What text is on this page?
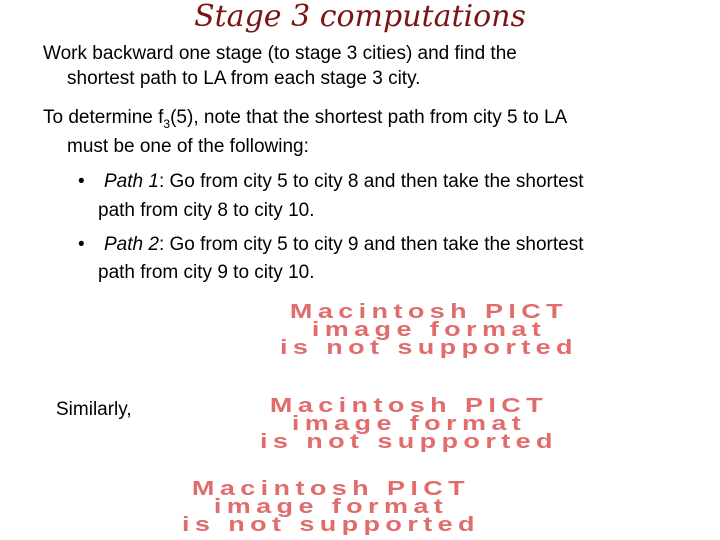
Stage 3 computations
Work backward one stage (to stage 3 cities) and find the
shortest path to LA from each stage 3 city.
To determine $f_3(5)$, note that the shortest path from city 5 to LA
must be one of the following:
• Path 1: Go from city 5 to city 8 and then take the shortest
path from city 8 to city 10.
• Path 2: Go from city 5 to city 9 and then take the shortest
path from city 9 to city 10.
Macintosh PICT
image format
is not supported
Similarly,	Macintosh PICT
image format
is not supported
Macintosh PICT
image format
is not supported
